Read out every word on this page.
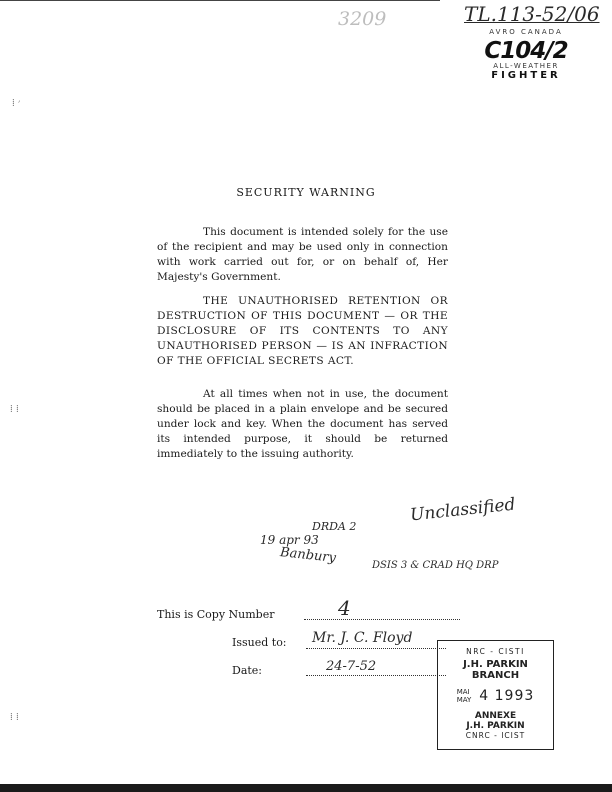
3209	TL.113-52/06
AVRO CANADA
C104/2
ALL-WEATHER
FIGHTER
⁞ ׳
⁞ ⁞
⁞ ⁞
SECURITY WARNING
This document is intended solely for the use of the recipient and may be used only in connection with work carried out for, or on behalf of, Her Majesty's Government.
THE UNAUTHORISED RETENTION OR DESTRUCTION OF THIS DOCUMENT — OR THE DISCLOSURE OF ITS CONTENTS TO ANY UNAUTHORISED PERSON — IS AN INFRACTION OF THE OFFICIAL SECRETS ACT.
At all times when not in use, the document should be placed in a plain envelope and be secured under lock and key. When the document has served its intended purpose, it should be returned immediately to the issuing authority.
Unclassified
DRDA 2
19 apr 93
Banbury	DSIS 3 & CRAD HQ DRP
This is Copy Number	4
Issued to: Mr. J. C. Floyd
Date:	24-7-52
NRC - CISTI
J.H. PARKIN
BRANCH
MAI
MAY 4 1993
ANNEXE
J.H. PARKIN
CNRC - ICIST
